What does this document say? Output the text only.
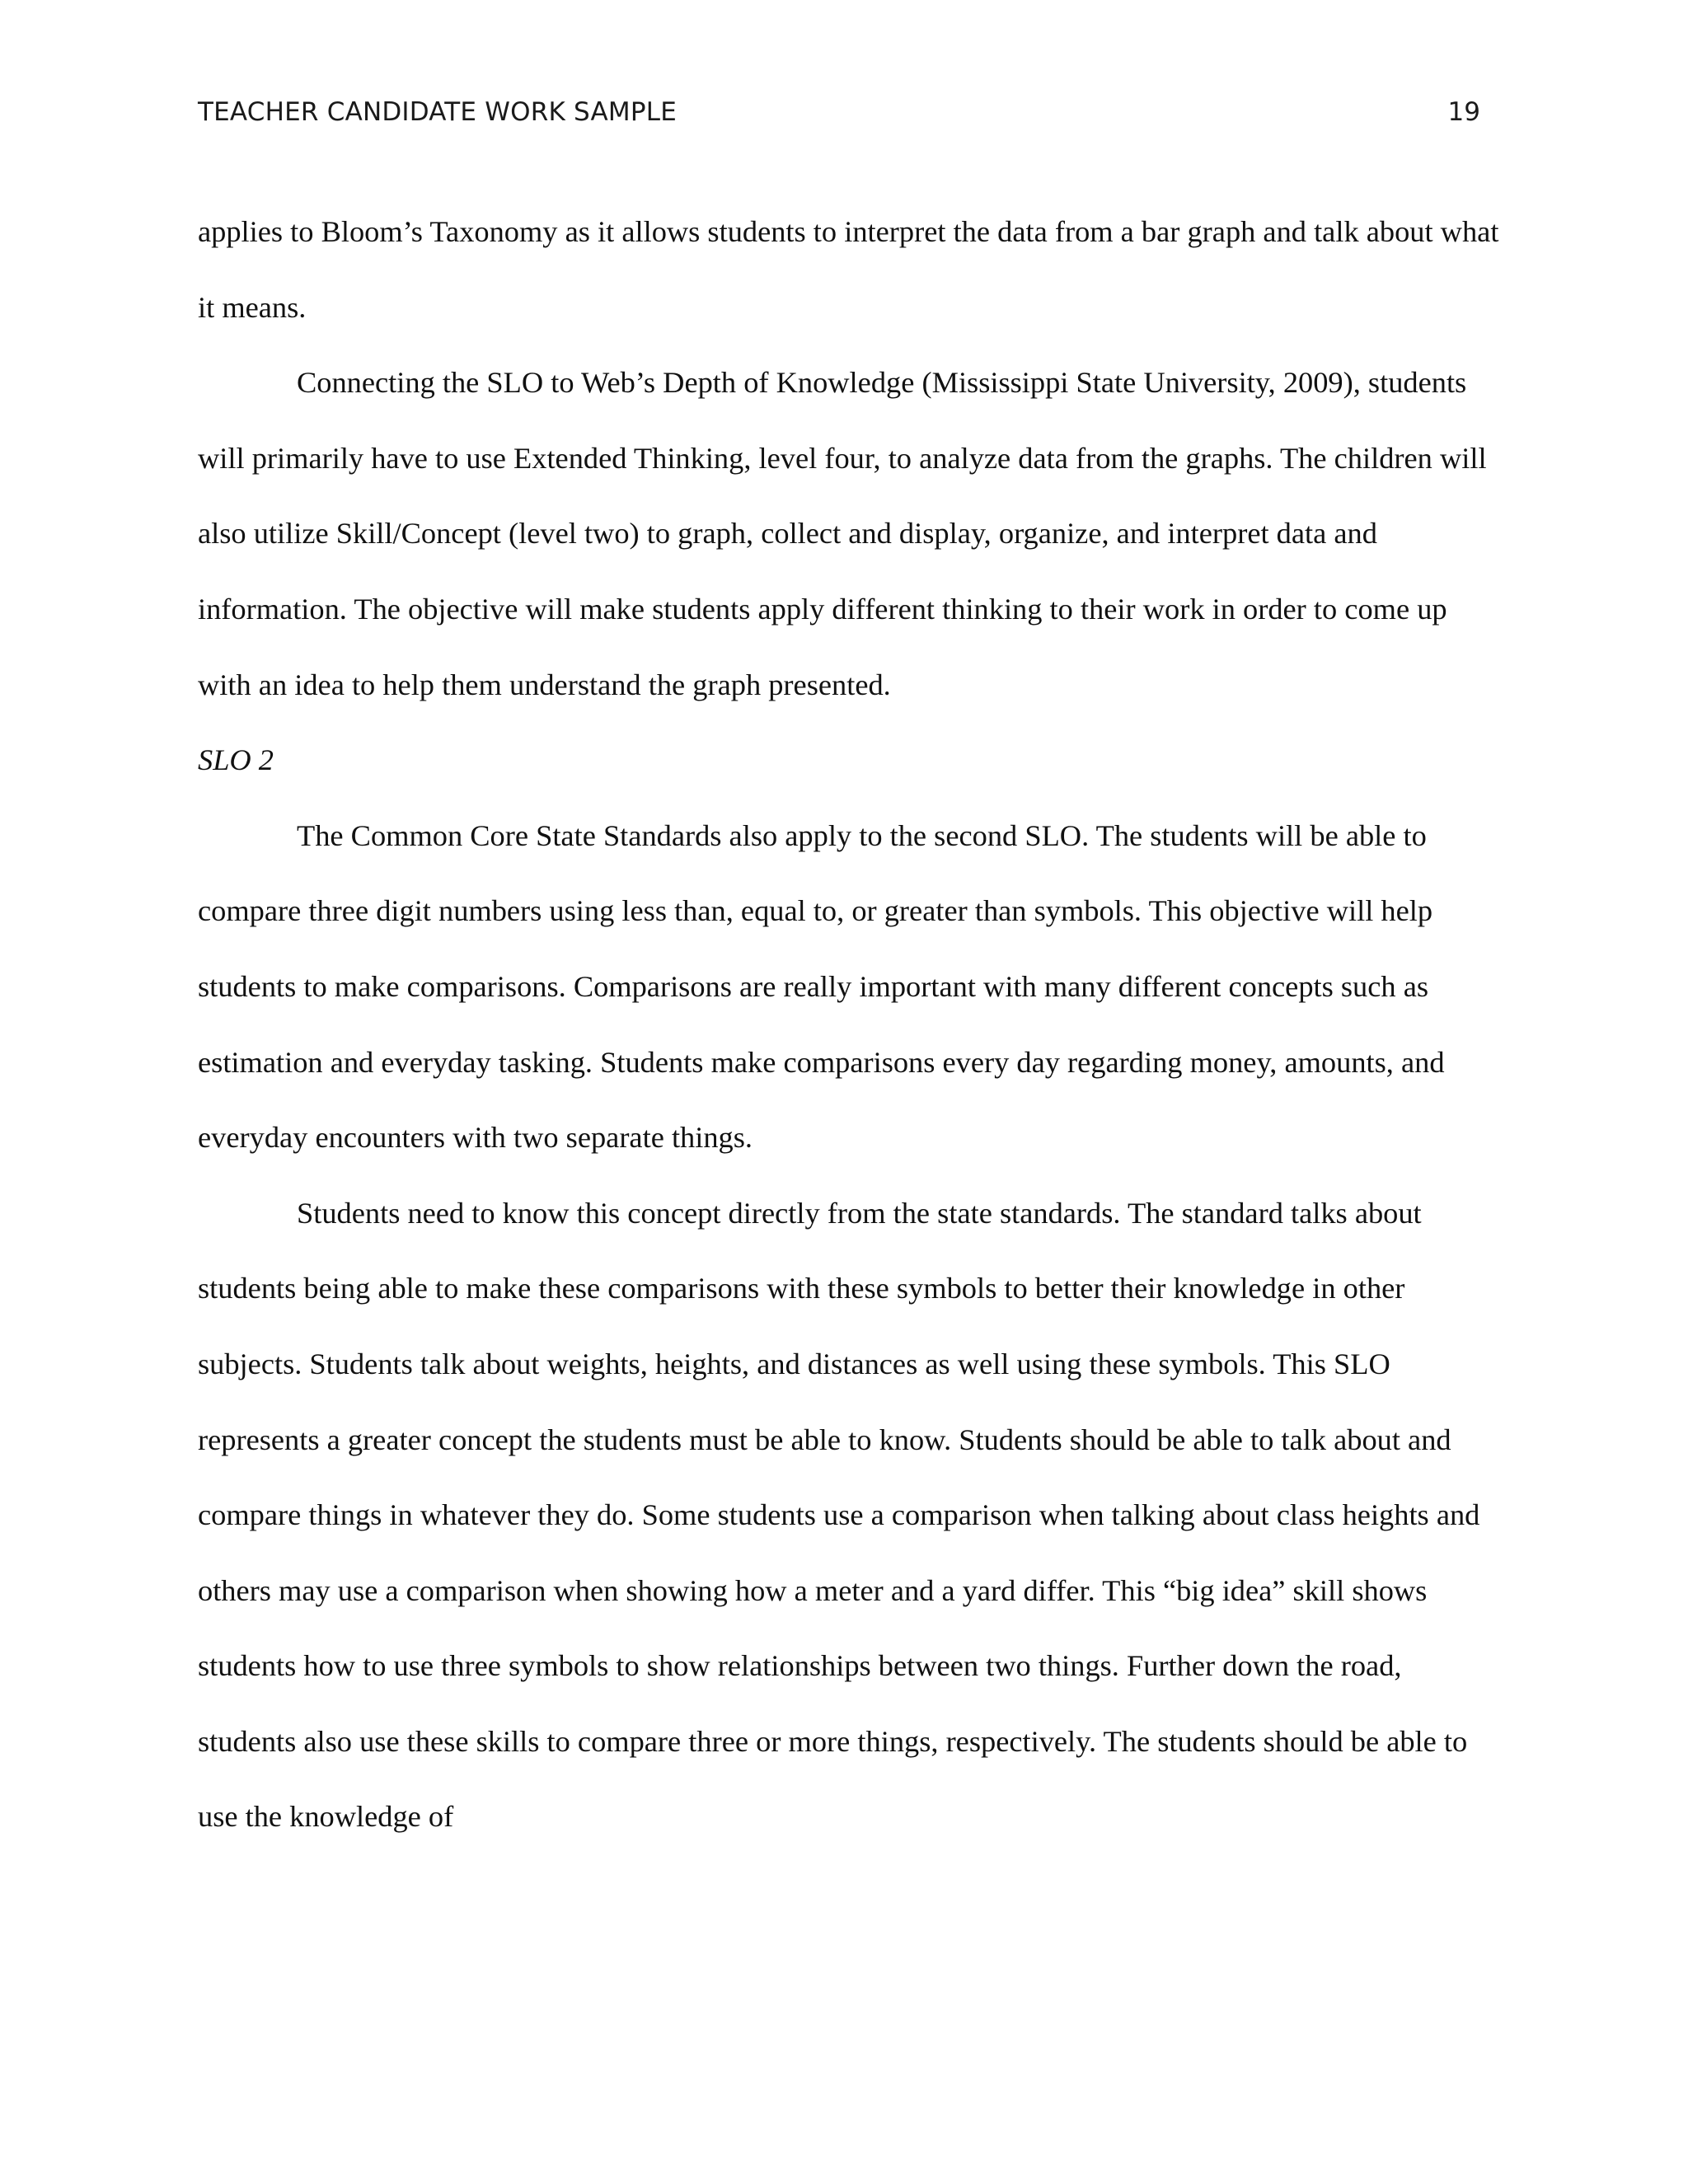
TEACHER CANDIDATE WORK SAMPLE	19

applies to Bloom’s Taxonomy as it allows students to interpret the data from a bar graph and talk about what it means.

Connecting the SLO to Web’s Depth of Knowledge (Mississippi State University, 2009), students will primarily have to use Extended Thinking, level four, to analyze data from the graphs. The children will also utilize Skill/Concept (level two) to graph, collect and display, organize, and interpret data and information. The objective will make students apply different thinking to their work in order to come up with an idea to help them understand the graph presented.

SLO 2

The Common Core State Standards also apply to the second SLO. The students will be able to compare three digit numbers using less than, equal to, or greater than symbols. This objective will help students to make comparisons. Comparisons are really important with many different concepts such as estimation and everyday tasking. Students make comparisons every day regarding money, amounts, and everyday encounters with two separate things.

Students need to know this concept directly from the state standards. The standard talks about students being able to make these comparisons with these symbols to better their knowledge in other subjects. Students talk about weights, heights, and distances as well using these symbols. This SLO represents a greater concept the students must be able to know. Students should be able to talk about and compare things in whatever they do. Some students use a comparison when talking about class heights and others may use a comparison when showing how a meter and a yard differ. This “big idea” skill shows students how to use three symbols to show relationships between two things. Further down the road, students also use these skills to compare three or more things, respectively. The students should be able to use the knowledge of
